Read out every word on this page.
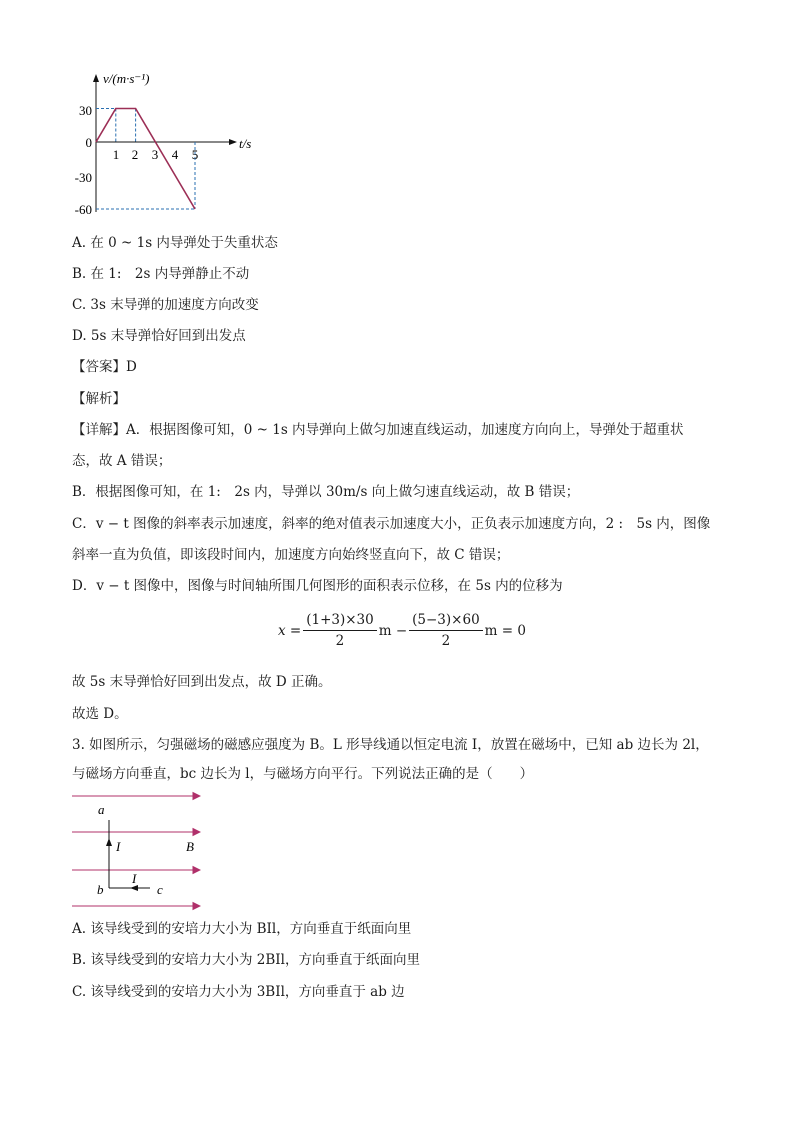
v/(m·s⁻¹)
t/s
30
0
-30
-60
1 2 3 4 5
A. 在 0 ~ 1s 内导弹处于失重状态
B. 在 1:　2s 内导弹静止不动
C. 3s 末导弹的加速度方向改变
D. 5s 末导弹恰好回到出发点
【答案】D
【解析】
【详解】A．根据图像可知，0 ~ 1s 内导弹向上做匀加速直线运动，加速度方向向上，导弹处于超重状
态，故 A 错误；
B．根据图像可知，在 1:　2s 内，导弹以 30m/s 向上做匀速直线运动，故 B 错误；
C．v − t 图像的斜率表示加速度，斜率的绝对值表示加速度大小，正负表示加速度方向，2 :　5s 内，图像
斜率一直为负值，即该段时间内，加速度方向始终竖直向下，故 C 错误；
D．v − t 图像中，图像与时间轴所围几何图形的面积表示位移，在 5s 内的位移为
$x = \frac{(1+3)\times 30}{2}$ $m - \frac{(5-3)\times 60}{2}$ m = 0
故 5s 末导弹恰好回到出发点，故 D 正确。
故选 D。
3. 如图所示，匀强磁场的磁感应强度为 B。L 形导线通以恒定电流 I，放置在磁场中，已知 ab 边长为 2l，
与磁场方向垂直，bc 边长为 l，与磁场方向平行。下列说法正确的是（　　）
a
I	B
I
b	c
A. 该导线受到的安培力大小为 BIl，方向垂直于纸面向里
B. 该导线受到的安培力大小为 2BIl，方向垂直于纸面向里
C. 该导线受到的安培力大小为 3BIl，方向垂直于 ab 边
